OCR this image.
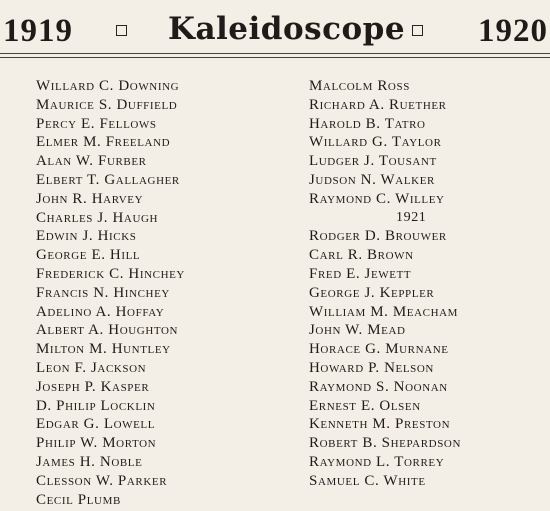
1919	Kaleidoscope 1920
Willard C. Downing
Maurice S. Duffield
Percy E. Fellows
Elmer M. Freeland
Alan W. Furber
Elbert T. Gallagher
John R. Harvey
Charles J. Haugh
Edwin J. Hicks
George E. Hill
Frederick C. Hinchey
Francis N. Hinchey
Adelino A. Hoffay
Albert A. Houghton
Milton M. Huntley
Leon F. Jackson
Joseph P. Kasper
D. Philip Locklin
Edgar G. Lowell
Philip W. Morton
James H. Noble
Clesson W. Parker
Cecil Plumb
Malcolm Ross
Richard A. Ruether
Harold B. Tatro
Willard G. Taylor
Ludger J. Tousant
Judson N. Walker
Raymond C. Willey
1921
Rodger D. Brouwer
Carl R. Brown
Fred E. Jewett
George J. Keppler
William M. Meacham
John W. Mead
Horace G. Murnane
Howard P. Nelson
Raymond S. Noonan
Ernest E. Olsen
Kenneth M. Preston
Robert B. Shepardson
Raymond L. Torrey
Samuel C. White
